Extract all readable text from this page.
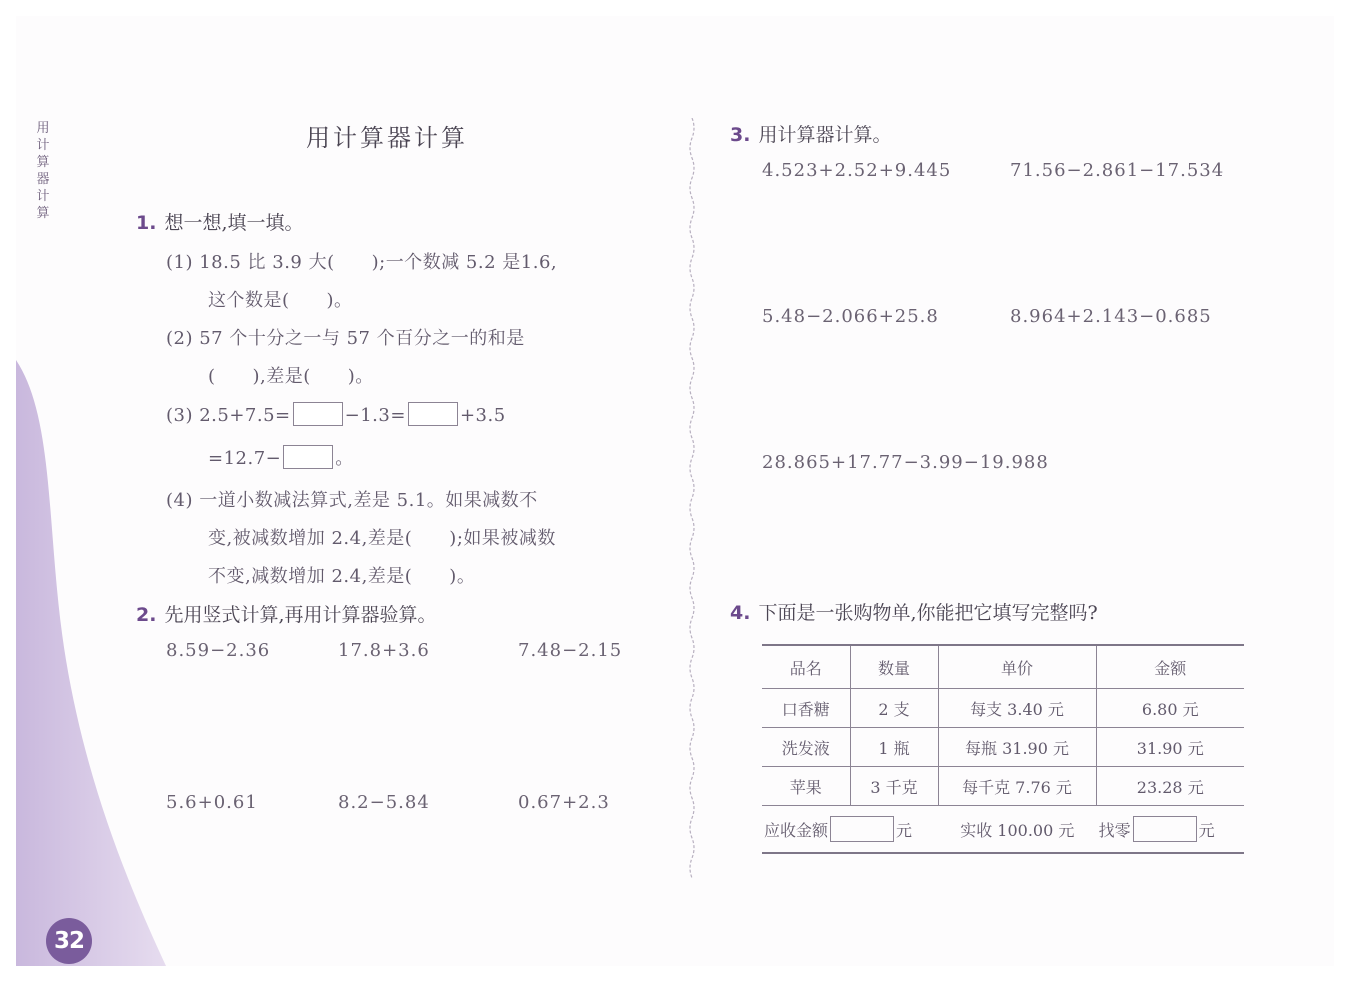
用
计
算
器
计
算
32
用计算器计算
1. 想一想,填一填。
(1) 18.5 比 3.9 大(　　);一个数减 5.2 是1.6,
这个数是(　　)。
(2) 57 个十分之一与 57 个百分之一的和是
(　　),差是(　　)。
(3) 2.5+7.5=	−1.3=	+3.5
=12.7−	。
(4) 一道小数减法算式,差是 5.1。如果减数不
变,被减数增加 2.4,差是(　　);如果被减数
不变,减数增加 2.4,差是(　　)。
2. 先用竖式计算,再用计算器验算。
8.59−2.36	17.8+3.6	7.48−2.15
5.6+0.61	8.2−5.84	0.67+2.3
3. 用计算器计算。
4.523+2.52+9.445	71.56−2.861−17.534
5.48−2.066+25.8	8.964+2.143−0.685
28.865+17.77−3.99−19.988
4. 下面是一张购物单,你能把它填写完整吗?
品名	数量	单价	金额
口香糖	2 支	每支 3.40 元	6.80 元
洗发液	1 瓶	每瓶 31.90 元	31.90 元
苹果	3 千克	每千克 7.76 元	23.28 元
应收金额 元 实收 100.00 元 找零 元			
